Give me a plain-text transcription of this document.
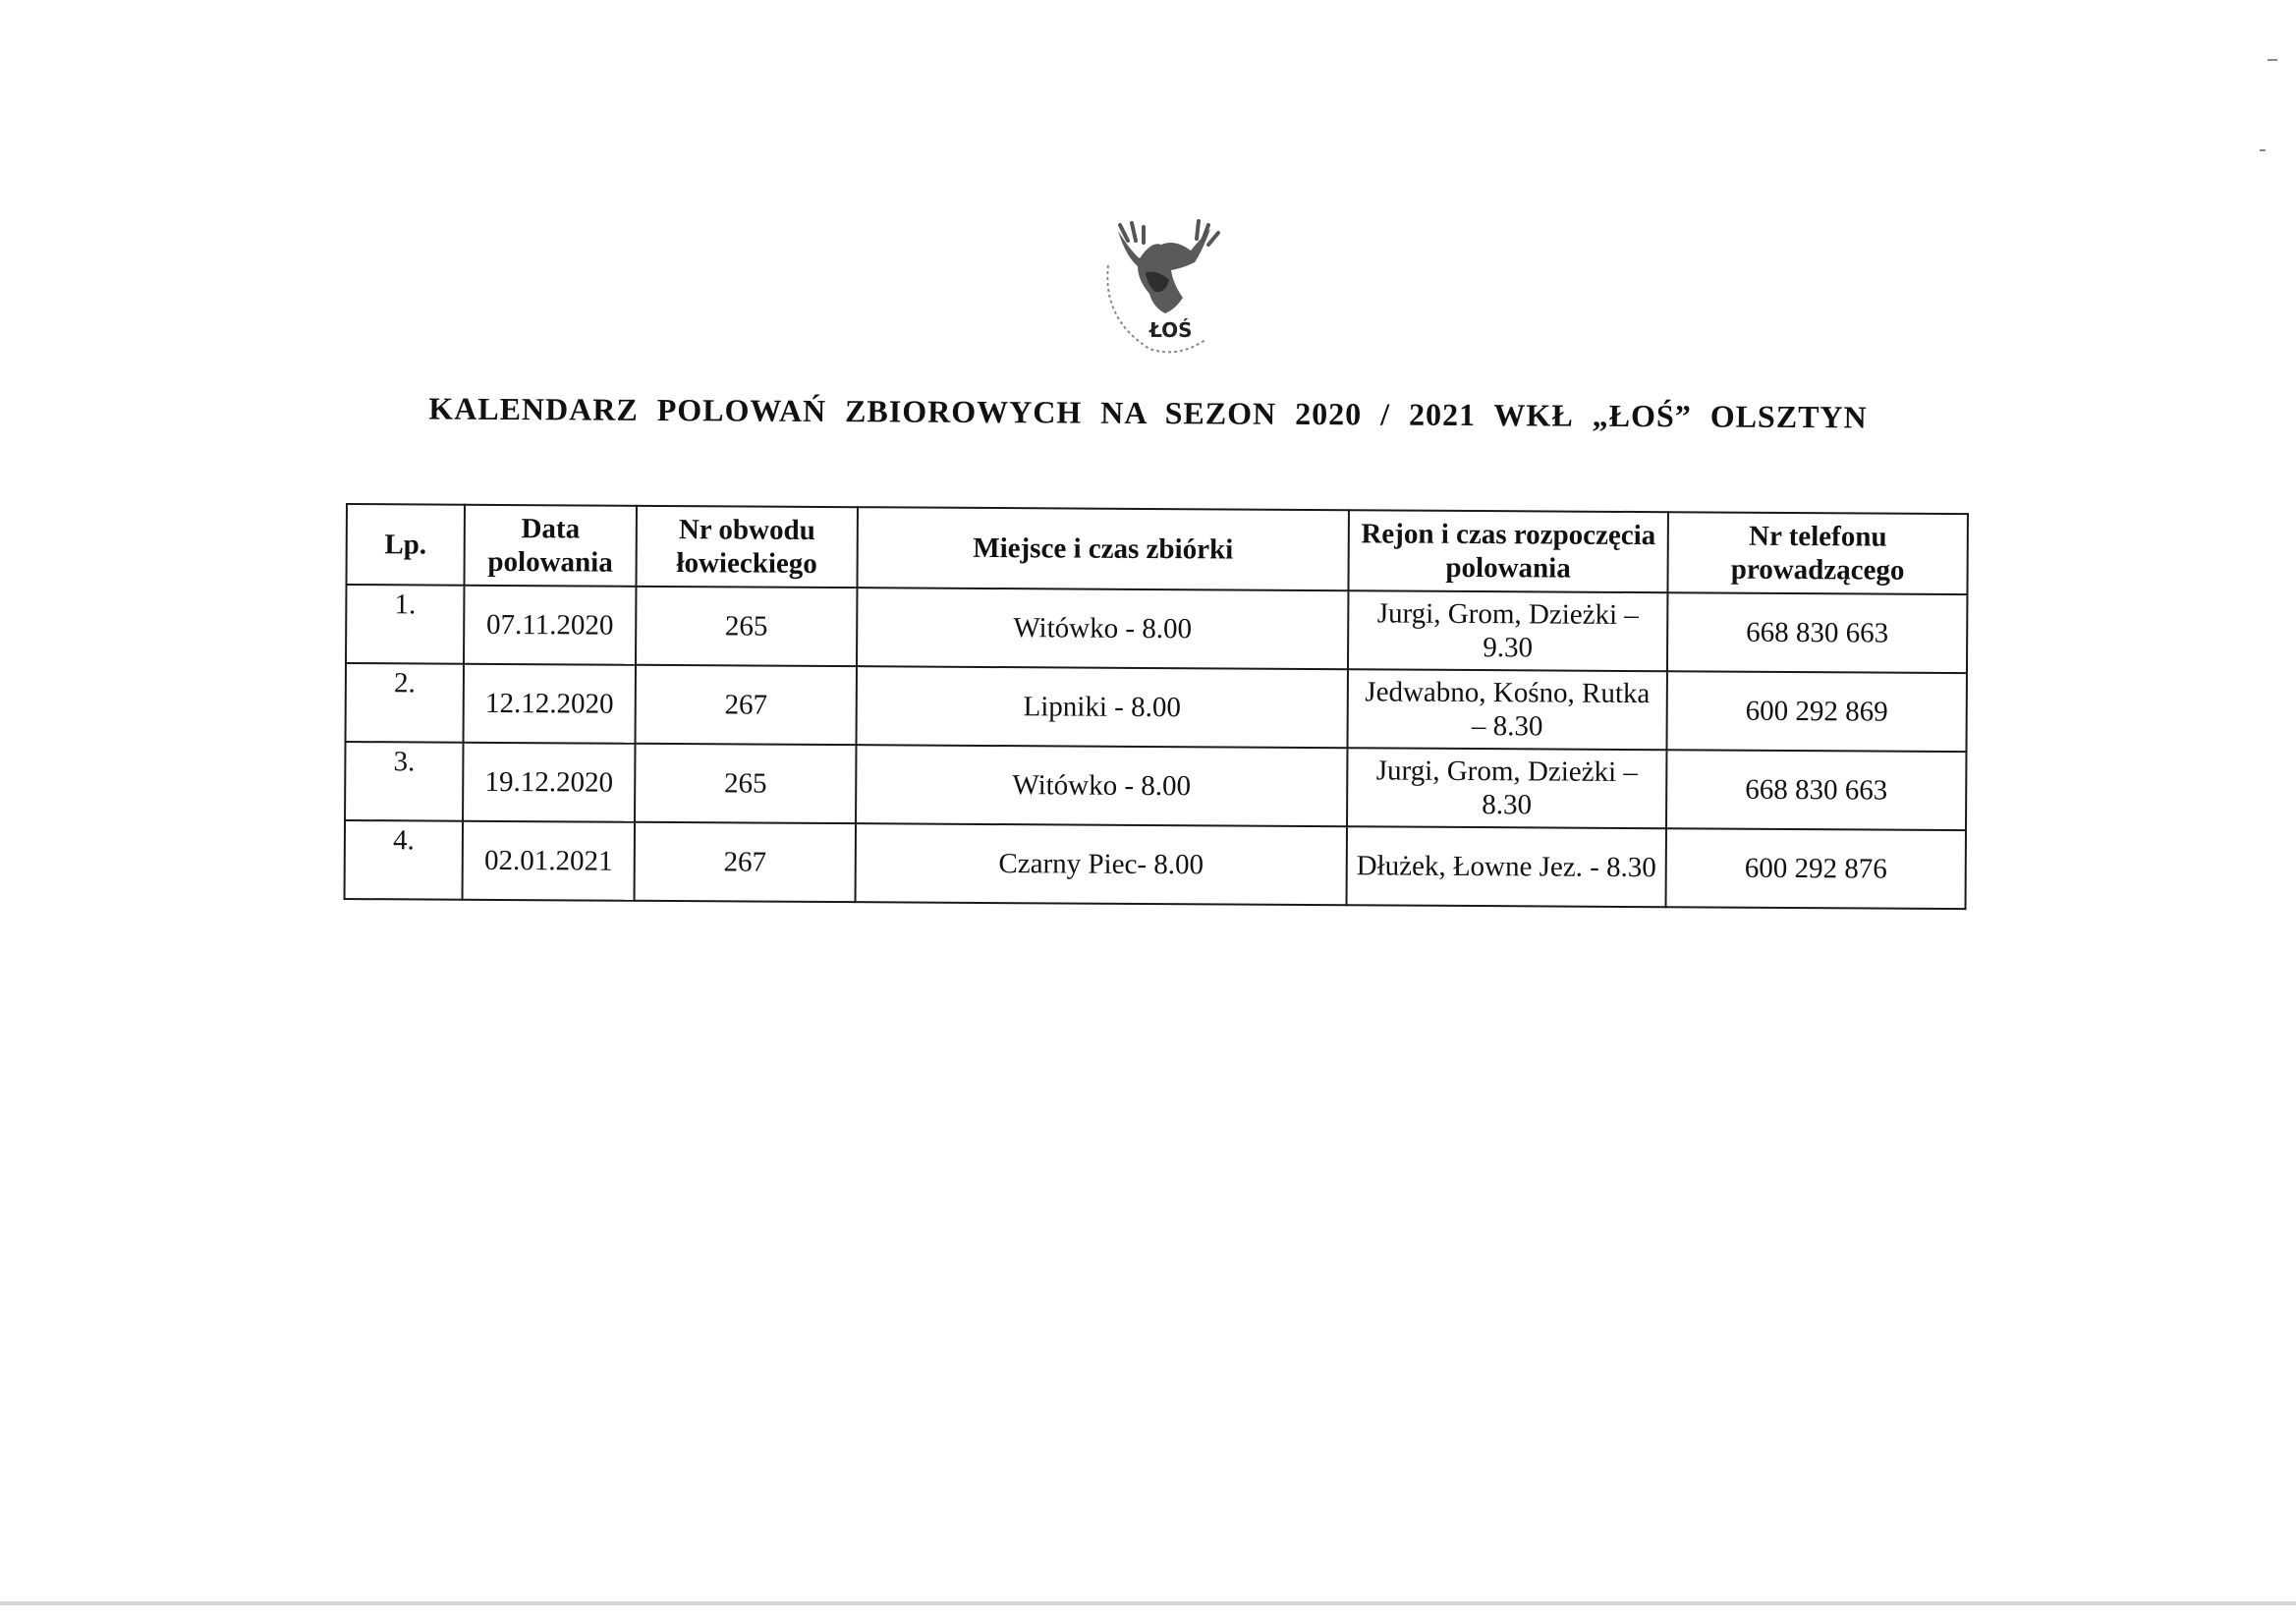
ŁOŚ
KOŁO ŁOWIECKIE NR 105 W OLSZTYNIE SAMORZĄDOWE
KALENDARZ POLOWAŃ ZBIOROWYCH NA SEZON 2020 / 2021 WKŁ „ŁOŚ” OLSZTYN
Lp.	Data polowania	Nr obwodu łowieckiego	Miejsce i czas zbiórki	Rejon i czas rozpoczęcia polowania	Nr telefonu prowadzącego
1.	07.11.2020	265	Witówko - 8.00	Jurgi, Grom, Dzieżki – 9.30	668 830 663
2.	12.12.2020	267	Lipniki - 8.00	Jedwabno, Kośno, Rutka – 8.30	600 292 869
3.	19.12.2020	265	Witówko - 8.00	Jurgi, Grom, Dzieżki – 8.30	668 830 663
4.	02.01.2021	267	Czarny Piec- 8.00	Dłużek, Łowne Jez. - 8.30	600 292 876
